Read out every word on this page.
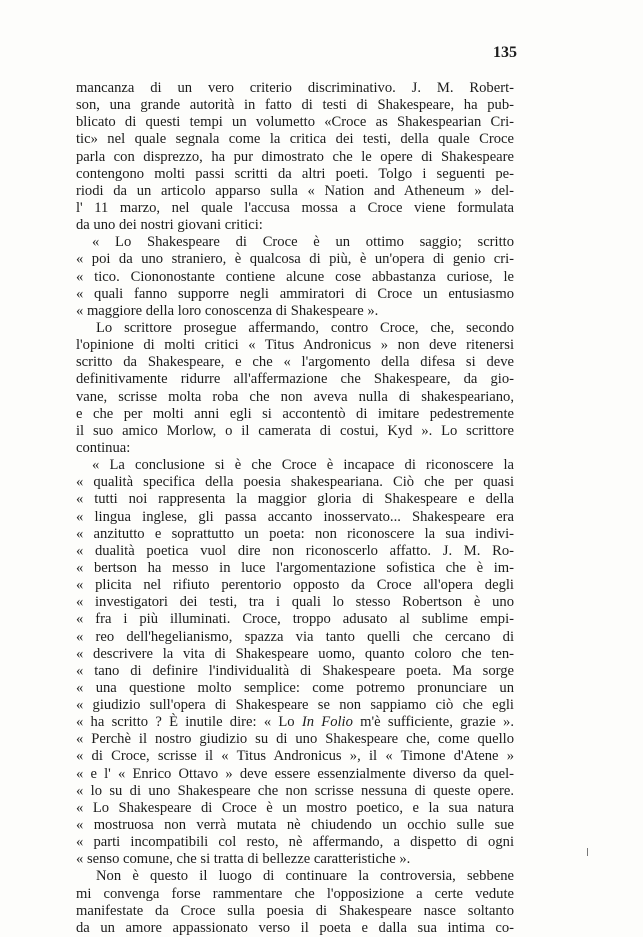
135
mancanza di un vero criterio discriminativo. J. M. Robert-
son, una grande autorità in fatto di testi di Shakespeare, ha pub-
blicato di questi tempi un volumetto «Croce as Shakespearian Cri-
tic» nel quale segnala come la critica dei testi, della quale Croce
parla con disprezzo, ha pur dimostrato che le opere di Shakespeare
contengono molti passi scritti da altri poeti. Tolgo i seguenti pe-
riodi da un articolo apparso sulla « Nation and Atheneum » del-
l' 11 marzo, nel quale l'accusa mossa a Croce viene formulata
da uno dei nostri giovani critici:
« Lo Shakespeare di Croce è un ottimo saggio; scritto
« poi da uno straniero, è qualcosa di più, è un'opera di genio cri-
« tico. Ciononostante contiene alcune cose abbastanza curiose, le
« quali fanno supporre negli ammiratori di Croce un entusiasmo
« maggiore della loro conoscenza di Shakespeare ».
Lo scrittore prosegue affermando, contro Croce, che, secondo
l'opinione di molti critici « Titus Andronicus » non deve ritenersi
scritto da Shakespeare, e che « l'argomento della difesa si deve
definitivamente ridurre all'affermazione che Shakespeare, da gio-
vane, scrisse molta roba che non aveva nulla di shakespeariano,
e che per molti anni egli si accontentò di imitare pedestremente
il suo amico Morlow, o il camerata di costui, Kyd ». Lo scrittore
continua:
« La conclusione si è che Croce è incapace di riconoscere la
« qualità specifica della poesia shakespeariana. Ciò che per quasi
« tutti noi rappresenta la maggior gloria di Shakespeare e della
« lingua inglese, gli passa accanto inosservato... Shakespeare era
« anzitutto e soprattutto un poeta: non riconoscere la sua indivi-
« dualità poetica vuol dire non riconoscerlo affatto. J. M. Ro-
« bertson ha messo in luce l'argomentazione sofistica che è im-
« plicita nel rifiuto perentorio opposto da Croce all'opera degli
« investigatori dei testi, tra i quali lo stesso Robertson è uno
« fra i più illuminati. Croce, troppo adusato al sublime empi-
« reo dell'hegelianismo, spazza via tanto quelli che cercano di
« descrivere la vita di Shakespeare uomo, quanto coloro che ten-
« tano di definire l'individualità di Shakespeare poeta. Ma sorge
« una questione molto semplice: come potremo pronunciare un
« giudizio sull'opera di Shakespeare se non sappiamo ciò che egli
« ha scritto ? È inutile dire: « Lo In Folio m'è sufficiente, grazie ».
« Perchè il nostro giudizio su di uno Shakespeare che, come quello
« di Croce, scrisse il « Titus Andronicus », il « Timone d'Atene »
« e l' « Enrico Ottavo » deve essere essenzialmente diverso da quel-
« lo su di uno Shakespeare che non scrisse nessuna di queste opere.
« Lo Shakespeare di Croce è un mostro poetico, e la sua natura
« mostruosa non verrà mutata nè chiudendo un occhio sulle sue
« parti incompatibili col resto, nè affermando, a dispetto di ogni
« senso comune, che si tratta di bellezze caratteristiche ».
Non è questo il luogo di continuare la controversia, sebbene
mi convenga forse rammentare che l'opposizione a certe vedute
manifestate da Croce sulla poesia di Shakespeare nasce soltanto
da un amore appassionato verso il poeta e dalla sua intima co-
